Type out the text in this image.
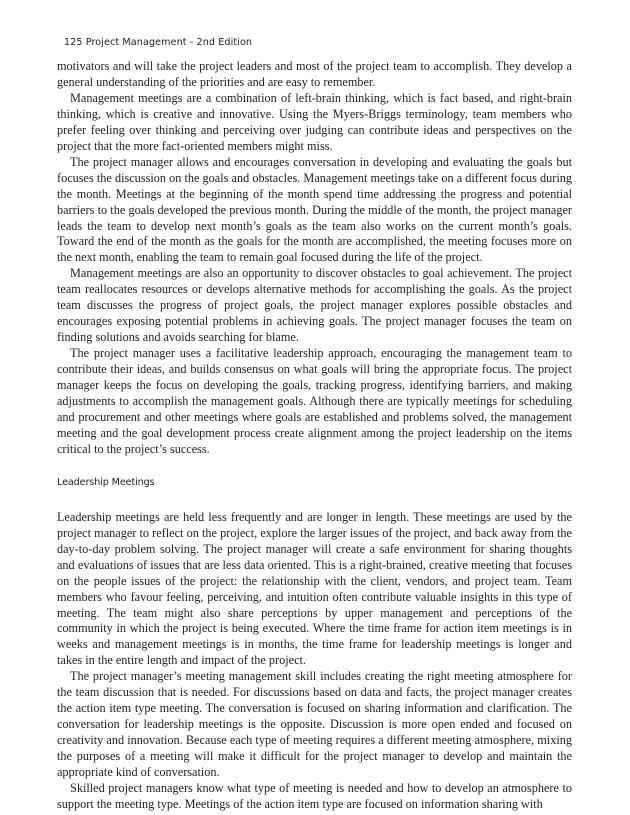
125 Project Management - 2nd Edition

motivators and will take the project leaders and most of the project team to accomplish. They develop a general understanding of the priorities and are easy to remember.

Management meetings are a combination of left-brain thinking, which is fact based, and right-brain thinking, which is creative and innovative. Using the Myers-Briggs terminology, team members who prefer feeling over thinking and perceiving over judging can contribute ideas and perspectives on the project that the more fact-oriented members might miss.

The project manager allows and encourages conversation in developing and evaluating the goals but focuses the discussion on the goals and obstacles. Management meetings take on a different focus during the month. Meetings at the beginning of the month spend time addressing the progress and potential barriers to the goals developed the previous month. During the middle of the month, the project manager leads the team to develop next month’s goals as the team also works on the current month’s goals. Toward the end of the month as the goals for the month are accomplished, the meeting focuses more on the next month, enabling the team to remain goal focused during the life of the project.

Management meetings are also an opportunity to discover obstacles to goal achievement. The project team reallocates resources or develops alternative methods for accomplishing the goals. As the project team discusses the progress of project goals, the project manager explores possible obstacles and encourages exposing potential problems in achieving goals. The project manager focuses the team on finding solutions and avoids searching for blame.

The project manager uses a facilitative leadership approach, encouraging the management team to contribute their ideas, and builds consensus on what goals will bring the appropriate focus. The project manager keeps the focus on developing the goals, tracking progress, identifying barriers, and making adjustments to accomplish the management goals. Although there are typically meetings for scheduling and procurement and other meetings where goals are established and problems solved, the management meeting and the goal development process create alignment among the project leadership on the items critical to the project’s success.

Leadership Meetings

Leadership meetings are held less frequently and are longer in length. These meetings are used by the project manager to reflect on the project, explore the larger issues of the project, and back away from the day-to-day problem solving. The project manager will create a safe environment for sharing thoughts and evaluations of issues that are less data oriented. This is a right-brained, creative meeting that focuses on the people issues of the project: the relationship with the client, vendors, and project team. Team members who favour feeling, perceiving, and intuition often contribute valuable insights in this type of meeting. The team might also share perceptions by upper management and perceptions of the community in which the project is being executed. Where the time frame for action item meetings is in weeks and management meetings is in months, the time frame for leadership meetings is longer and takes in the entire length and impact of the project.

The project manager’s meeting management skill includes creating the right meeting atmosphere for the team discussion that is needed. For discussions based on data and facts, the project manager creates the action item type meeting. The conversation is focused on sharing information and clarification. The conversation for leadership meetings is the opposite. Discussion is more open ended and focused on creativity and innovation. Because each type of meeting requires a different meeting atmosphere, mixing the purposes of a meeting will make it difficult for the project manager to develop and maintain the appropriate kind of conversation.

Skilled project managers know what type of meeting is needed and how to develop an atmosphere to support the meeting type. Meetings of the action item type are focused on information sharing with
